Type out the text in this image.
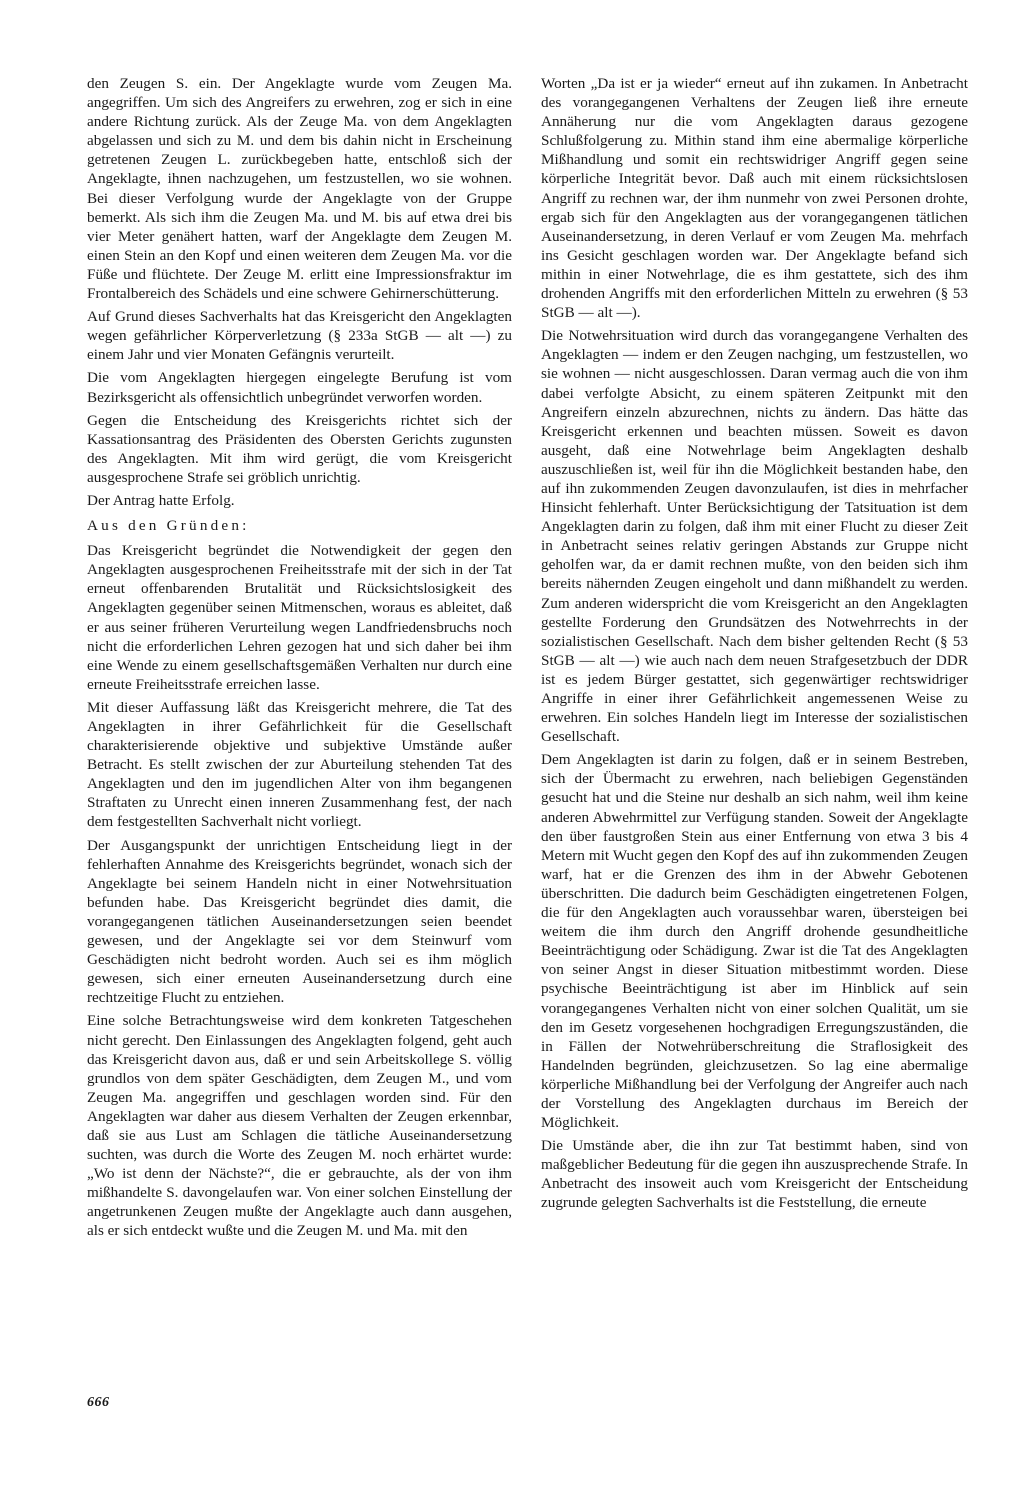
den Zeugen S. ein. Der Angeklagte wurde vom Zeugen Ma. angegriffen. Um sich des Angreifers zu erwehren, zog er sich in eine andere Richtung zurück. Als der Zeuge Ma. von dem Angeklagten abgelassen und sich zu M. und dem bis dahin nicht in Erscheinung getretenen Zeugen L. zurückbegeben hatte, entschloß sich der Angeklagte, ihnen nachzugehen, um festzustellen, wo sie wohnen. Bei dieser Verfolgung wurde der Angeklagte von der Gruppe bemerkt. Als sich ihm die Zeugen Ma. und M. bis auf etwa drei bis vier Meter genähert hatten, warf der Angeklagte dem Zeugen M. einen Stein an den Kopf und einen weiteren dem Zeugen Ma. vor die Füße und flüchtete. Der Zeuge M. erlitt eine Impressionsfraktur im Frontalbereich des Schädels und eine schwere Gehirnerschütterung.

Auf Grund dieses Sachverhalts hat das Kreisgericht den Angeklagten wegen gefährlicher Körperverletzung (§ 233a StGB — alt —) zu einem Jahr und vier Monaten Gefängnis verurteilt.

Die vom Angeklagten hiergegen eingelegte Berufung ist vom Bezirksgericht als offensichtlich unbegründet verworfen worden.

Gegen die Entscheidung des Kreisgerichts richtet sich der Kassationsantrag des Präsidenten des Obersten Gerichts zugunsten des Angeklagten. Mit ihm wird gerügt, die vom Kreisgericht ausgesprochene Strafe sei gröblich unrichtig.

Der Antrag hatte Erfolg.

Aus den Gründen:

Das Kreisgericht begründet die Notwendigkeit der gegen den Angeklagten ausgesprochenen Freiheitsstrafe mit der sich in der Tat erneut offenbarenden Brutalität und Rücksichtslosigkeit des Angeklagten gegenüber seinen Mitmenschen, woraus es ableitet, daß er aus seiner früheren Verurteilung wegen Landfriedensbruchs noch nicht die erforderlichen Lehren gezogen hat und sich daher bei ihm eine Wende zu einem gesellschaftsgemäßen Verhalten nur durch eine erneute Freiheitsstrafe erreichen lasse.

Mit dieser Auffassung läßt das Kreisgericht mehrere, die Tat des Angeklagten in ihrer Gefährlichkeit für die Gesellschaft charakterisierende objektive und subjektive Umstände außer Betracht. Es stellt zwischen der zur Aburteilung stehenden Tat des Angeklagten und den im jugendlichen Alter von ihm begangenen Straftaten zu Unrecht einen inneren Zusammenhang fest, der nach dem festgestellten Sachverhalt nicht vorliegt.

Der Ausgangspunkt der unrichtigen Entscheidung liegt in der fehlerhaften Annahme des Kreisgerichts begründet, wonach sich der Angeklagte bei seinem Handeln nicht in einer Notwehrsituation befunden habe. Das Kreisgericht begründet dies damit, die vorangegangenen tätlichen Auseinandersetzungen seien beendet gewesen, und der Angeklagte sei vor dem Steinwurf vom Geschädigten nicht bedroht worden. Auch sei es ihm möglich gewesen, sich einer erneuten Auseinandersetzung durch eine rechtzeitige Flucht zu entziehen.

Eine solche Betrachtungsweise wird dem konkreten Tatgeschehen nicht gerecht. Den Einlassungen des Angeklagten folgend, geht auch das Kreisgericht davon aus, daß er und sein Arbeitskollege S. völlig grundlos von dem später Geschädigten, dem Zeugen M., und vom Zeugen Ma. angegriffen und geschlagen worden sind. Für den Angeklagten war daher aus diesem Verhalten der Zeugen erkennbar, daß sie aus Lust am Schlagen die tätliche Auseinandersetzung suchten, was durch die Worte des Zeugen M. noch erhärtet wurde: „Wo ist denn der Nächste?“, die er gebrauchte, als der von ihm mißhandelte S. davongelaufen war. Von einer solchen Einstellung der angetrunkenen Zeugen mußte der Angeklagte auch dann ausgehen, als er sich entdeckt wußte und die Zeugen M. und Ma. mit den

Worten „Da ist er ja wieder“ erneut auf ihn zukamen. In Anbetracht des vorangegangenen Verhaltens der Zeugen ließ ihre erneute Annäherung nur die vom Angeklagten daraus gezogene Schlußfolgerung zu. Mithin stand ihm eine abermalige körperliche Mißhandlung und somit ein rechtswidriger Angriff gegen seine körperliche Integrität bevor. Daß auch mit einem rücksichtslosen Angriff zu rechnen war, der ihm nunmehr von zwei Personen drohte, ergab sich für den Angeklagten aus der vorangegangenen tätlichen Auseinandersetzung, in deren Verlauf er vom Zeugen Ma. mehrfach ins Gesicht geschlagen worden war. Der Angeklagte befand sich mithin in einer Notwehrlage, die es ihm gestattete, sich des ihm drohenden Angriffs mit den erforderlichen Mitteln zu erwehren (§ 53 StGB — alt —).

Die Notwehrsituation wird durch das vorangegangene Verhalten des Angeklagten — indem er den Zeugen nachging, um festzustellen, wo sie wohnen — nicht ausgeschlossen. Daran vermag auch die von ihm dabei verfolgte Absicht, zu einem späteren Zeitpunkt mit den Angreifern einzeln abzurechnen, nichts zu ändern. Das hätte das Kreisgericht erkennen und beachten müssen. Soweit es davon ausgeht, daß eine Notwehrlage beim Angeklagten deshalb auszuschließen ist, weil für ihn die Möglichkeit bestanden habe, den auf ihn zukommenden Zeugen davonzulaufen, ist dies in mehrfacher Hinsicht fehlerhaft. Unter Berücksichtigung der Tatsituation ist dem Angeklagten darin zu folgen, daß ihm mit einer Flucht zu dieser Zeit in Anbetracht seines relativ geringen Abstands zur Gruppe nicht geholfen war, da er damit rechnen mußte, von den beiden sich ihm bereits nähernden Zeugen eingeholt und dann mißhandelt zu werden. Zum anderen widerspricht die vom Kreisgericht an den Angeklagten gestellte Forderung den Grundsätzen des Notwehrrechts in der sozialistischen Gesellschaft. Nach dem bisher geltenden Recht (§ 53 StGB — alt —) wie auch nach dem neuen Strafgesetzbuch der DDR ist es jedem Bürger gestattet, sich gegenwärtiger rechtswidriger Angriffe in einer ihrer Gefährlichkeit angemessenen Weise zu erwehren. Ein solches Handeln liegt im Interesse der sozialistischen Gesellschaft.

Dem Angeklagten ist darin zu folgen, daß er in seinem Bestreben, sich der Übermacht zu erwehren, nach beliebigen Gegenständen gesucht hat und die Steine nur deshalb an sich nahm, weil ihm keine anderen Abwehrmittel zur Verfügung standen. Soweit der Angeklagte den über faustgroßen Stein aus einer Entfernung von etwa 3 bis 4 Metern mit Wucht gegen den Kopf des auf ihn zukommenden Zeugen warf, hat er die Grenzen des ihm in der Abwehr Gebotenen überschritten. Die dadurch beim Geschädigten eingetretenen Folgen, die für den Angeklagten auch voraussehbar waren, übersteigen bei weitem die ihm durch den Angriff drohende gesundheitliche Beeinträchtigung oder Schädigung. Zwar ist die Tat des Angeklagten von seiner Angst in dieser Situation mitbestimmt worden. Diese psychische Beeinträchtigung ist aber im Hinblick auf sein vorangegangenes Verhalten nicht von einer solchen Qualität, um sie den im Gesetz vorgesehenen hochgradigen Erregungszuständen, die in Fällen der Notwehrüberschreitung die Straflosigkeit des Handelnden begründen, gleichzusetzen. So lag eine abermalige körperliche Mißhandlung bei der Verfolgung der Angreifer auch nach der Vorstellung des Angeklagten durchaus im Bereich der Möglichkeit.

Die Umstände aber, die ihn zur Tat bestimmt haben, sind von maßgeblicher Bedeutung für die gegen ihn auszusprechende Strafe. In Anbetracht des insoweit auch vom Kreisgericht der Entscheidung zugrunde gelegten Sachverhalts ist die Feststellung, die erneute

666
